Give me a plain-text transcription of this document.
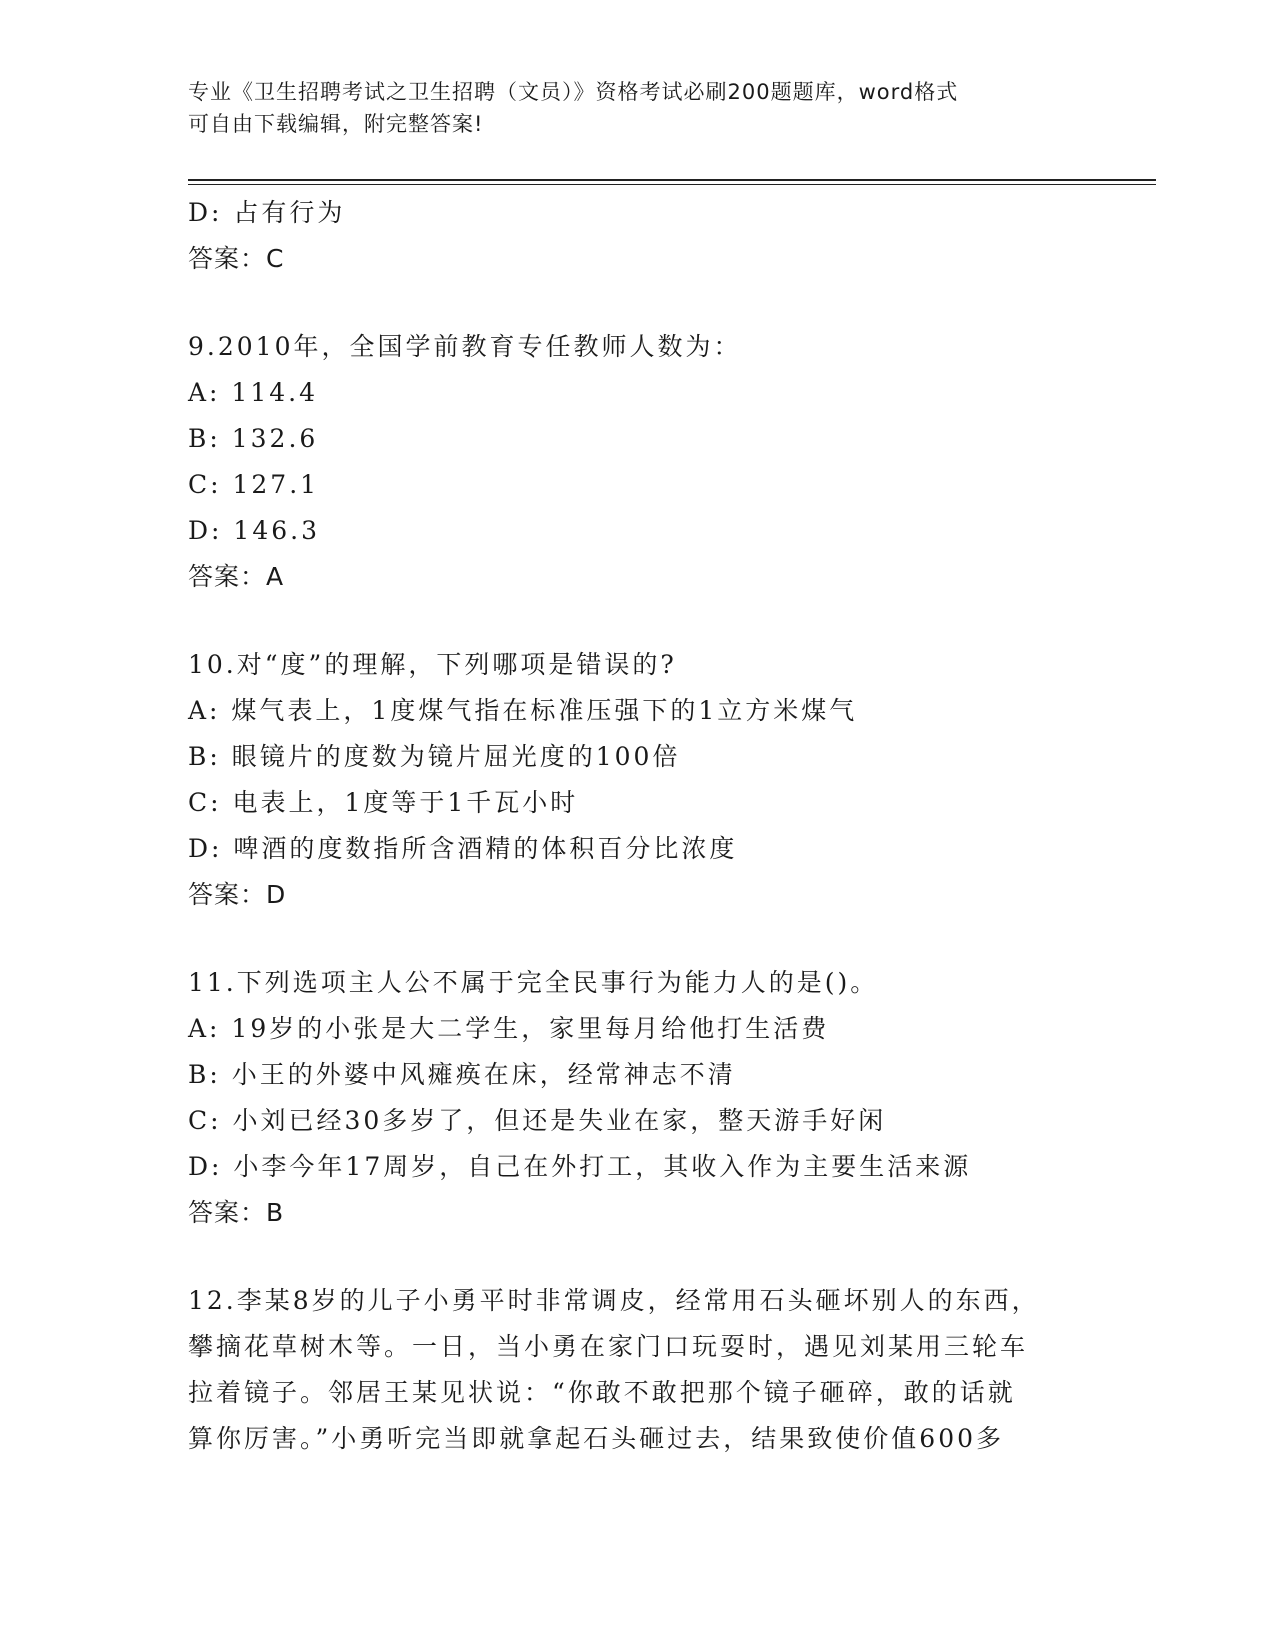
专业《卫生招聘考试之卫生招聘（文员）》资格考试必刷200题题库，word格式
可自由下载编辑，附完整答案!
D: 占有行为
答案：C
9.2010年，全国学前教育专任教师人数为：
A: 114.4
B: 132.6
C: 127.1
D: 146.3
答案：A
10.对“度”的理解，下列哪项是错误的?
A: 煤气表上，1度煤气指在标准压强下的1立方米煤气
B: 眼镜片的度数为镜片屈光度的100倍
C: 电表上，1度等于1千瓦小时
D: 啤酒的度数指所含酒精的体积百分比浓度
答案：D
11.下列选项主人公不属于完全民事行为能力人的是()。
A: 19岁的小张是大二学生，家里每月给他打生活费
B: 小王的外婆中风瘫痪在床，经常神志不清
C: 小刘已经30多岁了，但还是失业在家，整天游手好闲
D: 小李今年17周岁，自己在外打工，其收入作为主要生活来源
答案：B
12.李某8岁的儿子小勇平时非常调皮，经常用石头砸坏别人的东西，
攀摘花草树木等。一日，当小勇在家门口玩耍时，遇见刘某用三轮车
拉着镜子。邻居王某见状说：“你敢不敢把那个镜子砸碎，敢的话就
算你厉害。”小勇听完当即就拿起石头砸过去，结果致使价值600多
